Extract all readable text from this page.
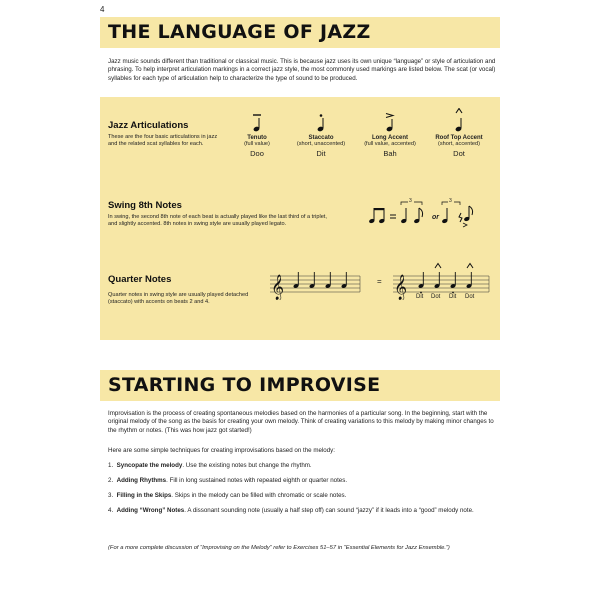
4
THE LANGUAGE OF JAZZ

Jazz music sounds different than traditional or classical music. This is because jazz uses its own unique “language” or style of articulation and phrasing. To help interpret articulation markings in a correct jazz style, the most commonly used markings are listed below. The scat (or vocal) syllables for each type of articulation help to characterize the type of sound to be produced.

Jazz Articulations

These are the four basic articulations in jazz and the related scat syllables for each.

Tenuto
(full value)
Doo
Staccato
(short, unaccented)
Dit
Long Accent
(full value, accented)
Bah
Roof Top Accent
(short, accented)
Dot
Swing 8th Notes

In swing, the second 8th note of each beat is actually played like the last third of a triplet, and slightly accented. 8th notes in swing style are usually played legato.

3	3
or
Quarter Notes

Quarter notes in swing style are usually played detached (staccato) with accents on beats 2 and 4.

𝄞	= 𝄞 Dit Dot Dit Dot
STARTING TO IMPROVISE

Improvisation is the process of creating spontaneous melodies based on the harmonies of a particular song. In the beginning, start with the original melody of the song as the basis for creating your own melody. Think of creating variations to this melody by making minor changes to the rhythm or notes. (This was how jazz got started!)

Here are some simple techniques for creating improvisations based on the melody:

1. Syncopate the melody. Use the existing notes but change the rhythm.
2. Adding Rhythms. Fill in long sustained notes with repeated eighth or quarter notes.
3. Filling in the Skips. Skips in the melody can be filled with chromatic or scale notes.
4. Adding “Wrong” Notes. A dissonant sounding note (usually a half step off) can sound “jazzy” if it leads into a “good” melody note.
(For a more complete discussion of “Improvising on the Melody” refer to Exercises 51–57 in “Essential Elements for Jazz Ensemble.”)
